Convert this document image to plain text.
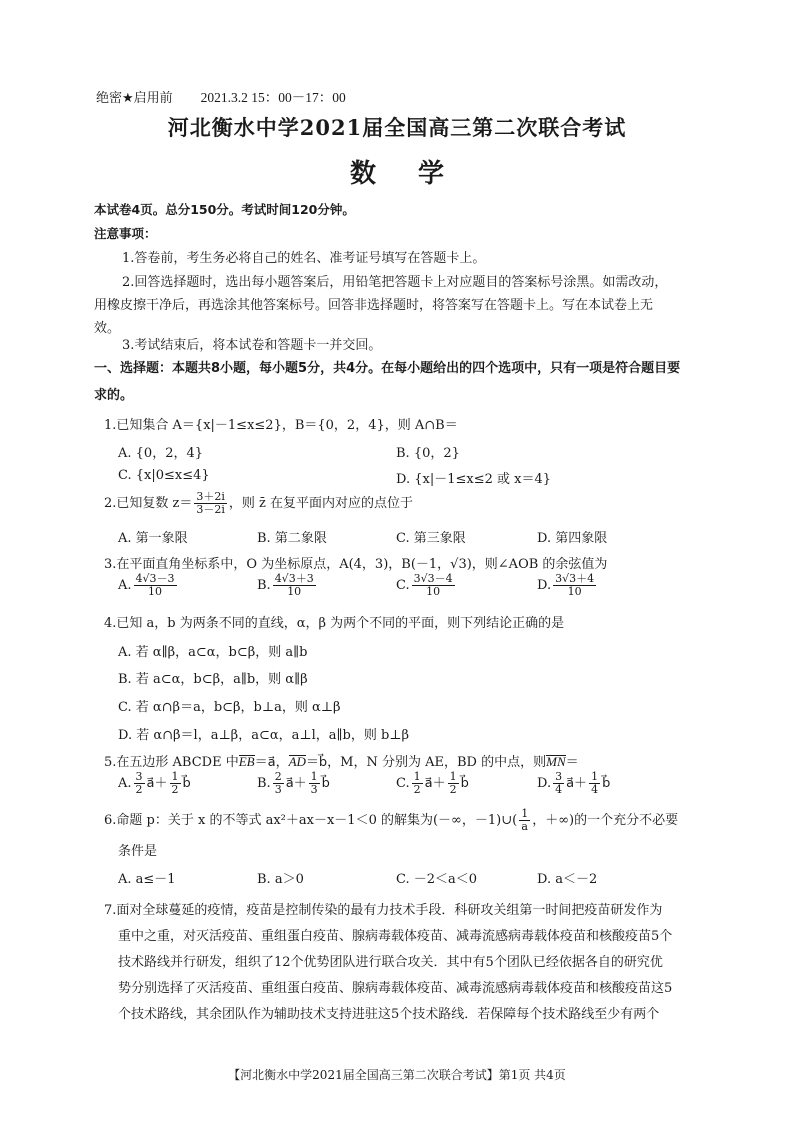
绝密★启用前 2021.3.2 15：00－17：00
河北衡水中学2021届全国高三第二次联合考试
数学
本试卷4页。总分150分。考试时间120分钟。
注意事项：
1.答卷前，考生务必将自己的姓名、准考证号填写在答题卡上。
2.回答选择题时，选出每小题答案后，用铅笔把答题卡上对应题目的答案标号涂黑。如需改动，
用橡皮擦干净后，再选涂其他答案标号。回答非选择题时，将答案写在答题卡上。写在本试卷上无
效。
3.考试结束后，将本试卷和答题卡一并交回。
一、选择题：本题共8小题，每小题5分，共4分。在每小题给出的四个选项中，只有一项是符合题目要
求的。
1.已知集合 A＝{x|－1≤x≤2}，B＝{0，2，4}，则 A∩B＝
A. {0，2，4}	B. {0，2}
C. {x|0≤x≤4}	D. {x|－1≤x≤2 或 x＝4}
2.已知复数 $z= \frac{3+2i}{3-2i}$ ，则 z̄ 在复平面内对应的点位于
A. 第一象限	B. 第二象限	C. 第三象限	D. 第四象限
3.在平面直角坐标系中，O 为坐标原点，A(4，3)，B(－1，√3)，则∠AOB 的余弦值为
A. $\frac{4√3-3}{10}$	B. $\frac{4√3+3}{10}$	C. $\frac{3√3-4}{10}$	D. $\frac{3√3+4}{10}$
4.已知 a，b 为两条不同的直线，α，β 为两个不同的平面，则下列结论正确的是
A. 若 α∥β，a⊂α，b⊂β，则 a∥b
B. 若 a⊂α，b⊂β，a∥b，则 α∥β
C. 若 α∩β＝a，b⊂β，b⊥a，则 α⊥β
D. 若 α∩β＝l，a⊥β，a⊂α，a⊥l，a∥b，则 b⊥β
5.在五边形 ABCDE 中EB＝a⃗，AD＝b⃗，M，N 分别为 AE，BD 的中点，则MN＝
A. $\frac{3}{2}$ a⃗＋ $\frac{1}{2}$ b⃗	B. $\frac{2}{3}$ a⃗＋ $\frac{1}{3}$ b⃗	C. $\frac{1}{2}$ a⃗＋ $\frac{1}{2}$ b⃗	D. $\frac{3}{4}$ a⃗＋ $\frac{1}{4}$ b⃗
6.命题 p：关于 x 的不等式 ax²＋ax－x－1＜0 的解集为(－∞，－1)∪( $\frac{1}{a}$ ，＋∞)的一个充分不必要
条件是
A. a≤－1	B. a＞0	C. －2＜a＜0	D. a＜－2
7.面对全球蔓延的疫情，疫苗是控制传染的最有力技术手段．科研攻关组第一时间把疫苗研发作为
重中之重，对灭活疫苗、重组蛋白疫苗、腺病毒载体疫苗、减毒流感病毒载体疫苗和核酸疫苗5个
技术路线并行研发，组织了12个优势团队进行联合攻关．其中有5个团队已经依据各自的研究优
势分别选择了灭活疫苗、重组蛋白疫苗、腺病毒载体疫苗、减毒流感病毒载体疫苗和核酸疫苗这5
个技术路线，其余团队作为辅助技术支持进驻这5个技术路线．若保障每个技术路线至少有两个
【河北衡水中学2021届全国高三第二次联合考试】第1页 共4页
